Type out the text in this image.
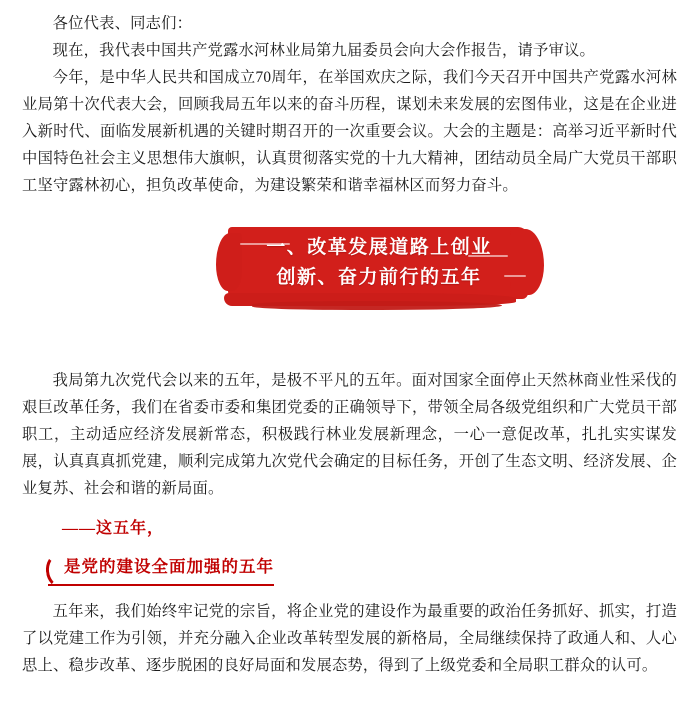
各位代表、同志们：

现在，我代表中国共产党露水河林业局第九届委员会向大会作报告，请予审议。

今年，是中华人民共和国成立70周年，在举国欢庆之际，我们今天召开中国共产党露水河林业局第十次代表大会，回顾我局五年以来的奋斗历程，谋划未来发展的宏图伟业，这是在企业进入新时代、面临发展新机遇的关键时期召开的一次重要会议。大会的主题是：高举习近平新时代中国特色社会主义思想伟大旗帜，认真贯彻落实党的十九大精神，团结动员全局广大党员干部职工坚守露林初心，担负改革使命，为建设繁荣和谐幸福林区而努力奋斗。

一、改革发展道路上创业
创新、奋力前行的五年

我局第九次党代会以来的五年，是极不平凡的五年。面对国家全面停止天然林商业性采伐的艰巨改革任务，我们在省委市委和集团党委的正确领导下，带领全局各级党组织和广大党员干部职工，主动适应经济发展新常态，积极践行林业发展新理念，一心一意促改革，扎扎实实谋发展，认真真真抓党建，顺利完成第九次党代会确定的目标任务，开创了生态文明、经济发展、企业复苏、社会和谐的新局面。

——这五年，
是党的建设全面加强的五年

五年来，我们始终牢记党的宗旨，将企业党的建设作为最重要的政治任务抓好、抓实，打造了以党建工作为引领，并充分融入企业改革转型发展的新格局，全局继续保持了政通人和、人心思上、稳步改革、逐步脱困的良好局面和发展态势，得到了上级党委和全局职工群众的认可。
